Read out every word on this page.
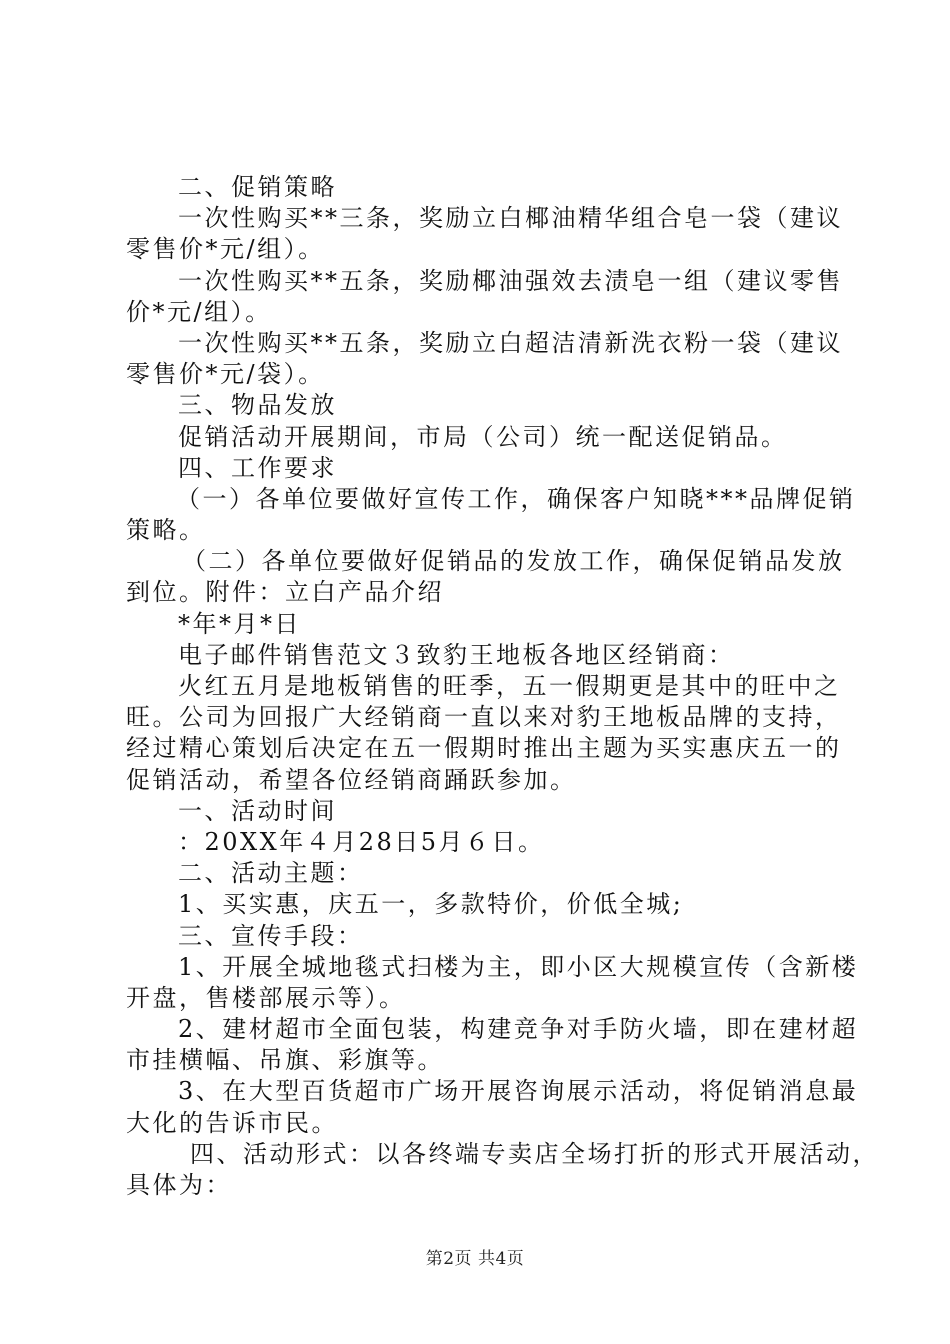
二、促销策略
一次性购买**三条，奖励立白椰油精华组合皂一袋（建议
零售价*元/组）。
一次性购买**五条，奖励椰油强效去渍皂一组（建议零售
价*元/组）。
一次性购买**五条，奖励立白超洁清新洗衣粉一袋（建议
零售价*元/袋）。
三、物品发放
促销活动开展期间，市局（公司）统一配送促销品。
四、工作要求
（一）各单位要做好宣传工作，确保客户知晓***品牌促销
策略。
（二）各单位要做好促销品的发放工作，确保促销品发放
到位。附件：立白产品介绍
*年*月*日
电子邮件销售范文３致豹王地板各地区经销商：
火红五月是地板销售的旺季，五一假期更是其中的旺中之
旺。公司为回报广大经销商一直以来对豹王地板品牌的支持，
经过精心策划后决定在五一假期时推出主题为买实惠庆五一的
促销活动，希望各位经销商踊跃参加。
一、活动时间
：20XX年４月28日5月６日。
二、活动主题：
1、买实惠，庆五一，多款特价，价低全城;
三、宣传手段：
1、开展全城地毯式扫楼为主，即小区大规模宣传（含新楼
开盘，售楼部展示等）。
2、建材超市全面包装，构建竞争对手防火墙，即在建材超
市挂横幅、吊旗、彩旗等。
3、在大型百货超市广场开展咨询展示活动，将促销消息最
大化的告诉市民。
四、活动形式：以各终端专卖店全场打折的形式开展活动，
具体为：
第2页 共4页
